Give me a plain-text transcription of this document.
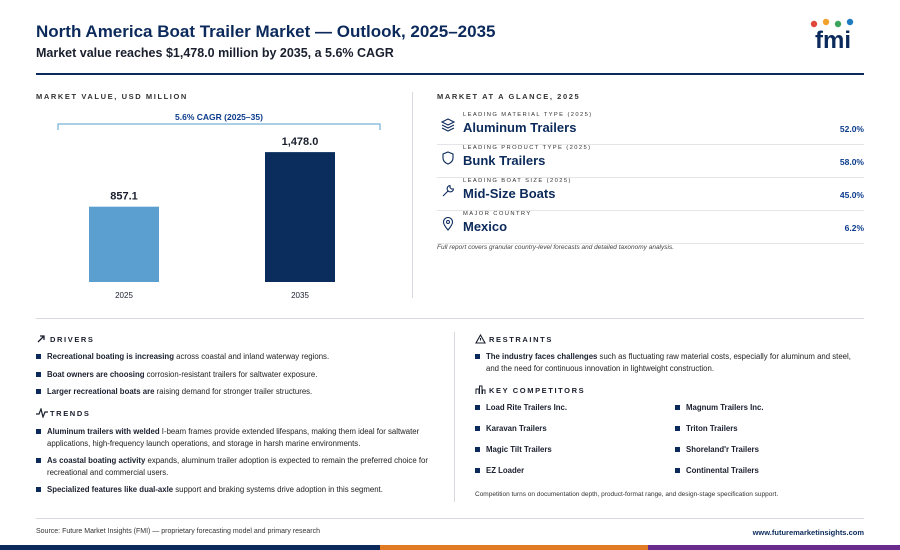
North America Boat Trailer Market — Outlook, 2025–2035
Market value reaches $1,478.0 million by 2035, a 5.6% CAGR	fmi
MARKET VALUE, USD MILLION
5.6% CAGR (2025–35)
857.1
2025
1,478.0
2035
MARKET AT A GLANCE, 2025
LEADING MATERIAL TYPE (2025)
Aluminum Trailers	52.0%
LEADING PRODUCT TYPE (2025)
Bunk Trailers	58.0%
LEADING BOAT SIZE (2025)
Mid-Size Boats	45.0%
MAJOR COUNTRY
Mexico	6.2%
Full report covers granular country-level forecasts and detailed taxonomy analysis.
DRIVERS
Recreational boating is increasing across coastal and inland waterway regions.
Boat owners are choosing corrosion-resistant trailers for saltwater exposure.
Larger recreational boats are raising demand for stronger trailer structures.
TRENDS
Aluminum trailers with welded I-beam frames provide extended lifespans, making them ideal for saltwater applications, high-frequency launch operations, and storage in harsh marine environments.
As coastal boating activity expands, aluminum trailer adoption is expected to remain the preferred choice for recreational and commercial users.
Specialized features like dual-axle support and braking systems drive adoption in this segment.
RESTRAINTS
The industry faces challenges such as fluctuating raw material costs, especially for aluminum and steel, and the need for continuous innovation in lightweight construction.
KEY COMPETITORS
Load Rite Trailers Inc.	Magnum Trailers Inc.
Karavan Trailers	Triton Trailers
Magic Tilt Trailers	Shoreland'r Trailers
EZ Loader	Continental Trailers
Competition turns on documentation depth, product-format range, and design-stage specification support.
Source: Future Market Insights (FMI) — proprietary forecasting model and primary research	www.futuremarketinsights.com
